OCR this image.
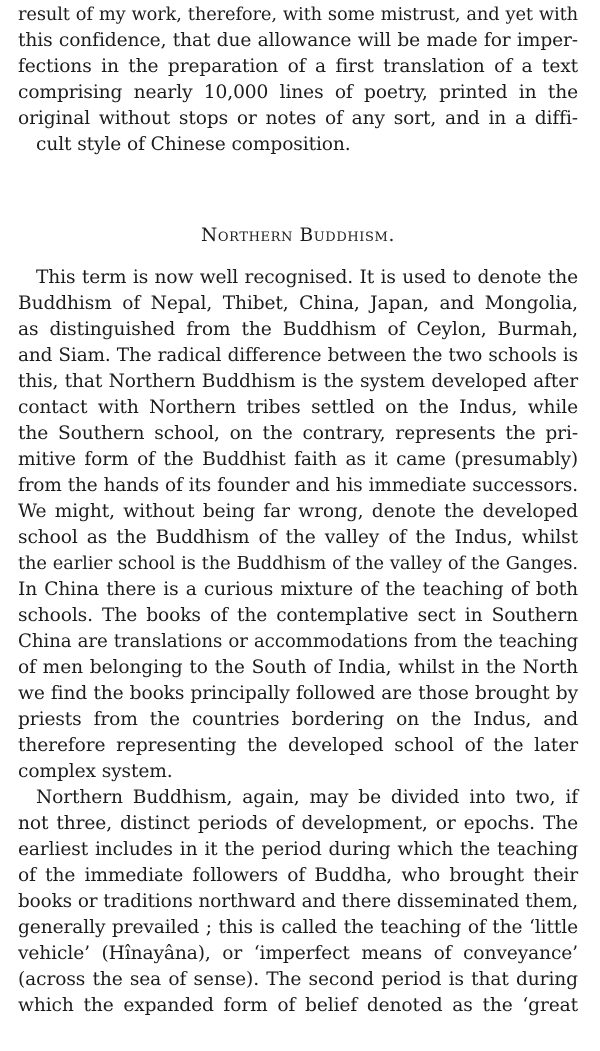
result of my work, therefore, with some mistrust, and yet with
this confidence, that due allowance will be made for imper-
fections in the preparation of a first translation of a text
comprising nearly 10,000 lines of poetry, printed in the
original without stops or notes of any sort, and in a diffi-
cult style of Chinese composition.
Northern Buddhism.
This term is now well recognised. It is used to denote the
Buddhism of Nepal, Thibet, China, Japan, and Mongolia,
as distinguished from the Buddhism of Ceylon, Burmah,
and Siam. The radical difference between the two schools is
this, that Northern Buddhism is the system developed after
contact with Northern tribes settled on the Indus, while
the Southern school, on the contrary, represents the pri-
mitive form of the Buddhist faith as it came (presumably)
from the hands of its founder and his immediate successors.
We might, without being far wrong, denote the developed
school as the Buddhism of the valley of the Indus, whilst
the earlier school is the Buddhism of the valley of the Ganges.
In China there is a curious mixture of the teaching of both
schools. The books of the contemplative sect in Southern
China are translations or accommodations from the teaching
of men belonging to the South of India, whilst in the North
we find the books principally followed are those brought by
priests from the countries bordering on the Indus, and
therefore representing the developed school of the later
complex system.
Northern Buddhism, again, may be divided into two, if
not three, distinct periods of development, or epochs. The
earliest includes in it the period during which the teaching
of the immediate followers of Buddha, who brought their
books or traditions northward and there disseminated them,
generally prevailed ; this is called the teaching of the ‘little
vehicle’ (Hînayâna), or ‘imperfect means of conveyance’
(across the sea of sense). The second period is that during
which the expanded form of belief denoted as the ‘great
